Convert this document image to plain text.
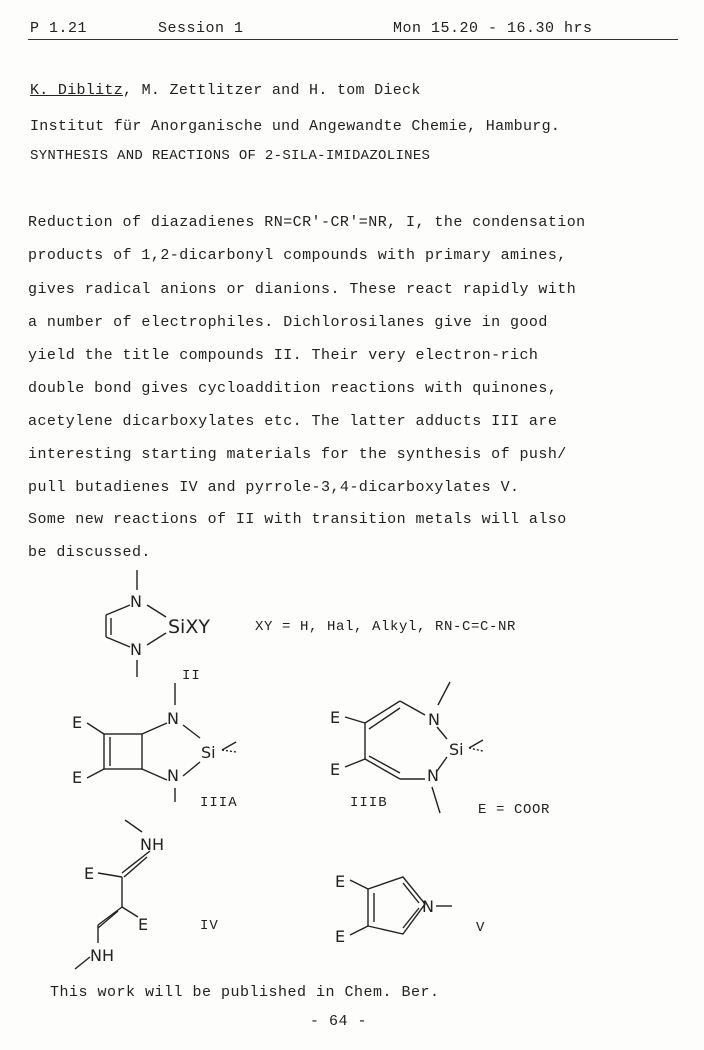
P 1.21	Session 1	Mon 15.20 - 16.30 hrs
K. Diblitz, M. Zettlitzer and H. tom Dieck
Institut für Anorganische und Angewandte Chemie, Hamburg.
SYNTHESIS AND REACTIONS OF 2-SILA-IMIDAZOLINES
Reduction of diazadienes RN=CR'-CR'=NR, I, the condensation
products of 1,2-dicarbonyl compounds with primary amines,
gives radical anions or dianions. These react rapidly with
a number of electrophiles. Dichlorosilanes give in good
yield the title compounds II. Their very electron-rich
double bond gives cycloaddition reactions with quinones,
acetylene dicarboxylates etc. The latter adducts III are
interesting starting materials for the synthesis of push/
pull butadienes IV and pyrrole-3,4-dicarboxylates V.
Some new reactions of II with transition metals will also
be discussed.
N
N
SiXY	XY = H, Hal, Alkyl, RN-C=C-NR
II
E
E
N
N
Si
IIIA
E
E
N
N
Si
IIIB	E = COOR
NH
E
E
NH
IV
E
E
N
V
This work will be published in Chem. Ber.
- 64 -
